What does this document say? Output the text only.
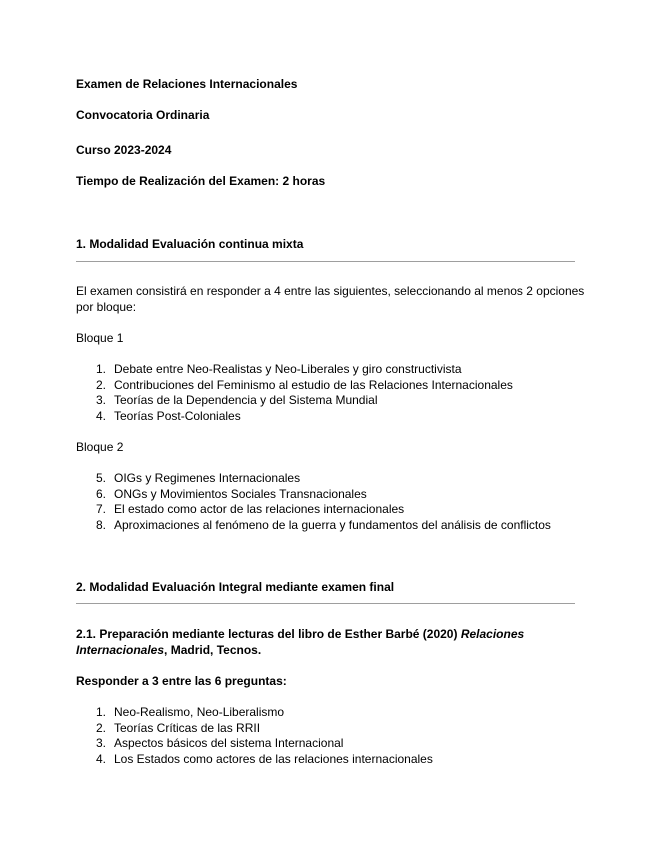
Examen de Relaciones Internacionales
Convocatoria Ordinaria
Curso 2023-2024
Tiempo de Realización del Examen: 2 horas
1. Modalidad Evaluación continua mixta
El examen consistirá en responder a 4 entre las siguientes, seleccionando al menos 2 opciones por bloque:
Bloque 1
1. Debate entre Neo-Realistas y Neo-Liberales y giro constructivista
2. Contribuciones del Feminismo al estudio de las Relaciones Internacionales
3. Teorías de la Dependencia y del Sistema Mundial
4. Teorías Post-Coloniales
Bloque 2
5. OIGs y Regimenes Internacionales
6. ONGs y Movimientos Sociales Transnacionales
7. El estado como actor de las relaciones internacionales
8. Aproximaciones al fenómeno de la guerra y fundamentos del análisis de conflictos
2. Modalidad Evaluación Integral mediante examen final
2.1. Preparación mediante lecturas del libro de Esther Barbé (2020) Relaciones Internacionales, Madrid, Tecnos.
Responder a 3 entre las 6 preguntas:
1. Neo-Realismo, Neo-Liberalismo
2. Teorías Críticas de las RRII
3. Aspectos básicos del sistema Internacional
4. Los Estados como actores de las relaciones internacionales
